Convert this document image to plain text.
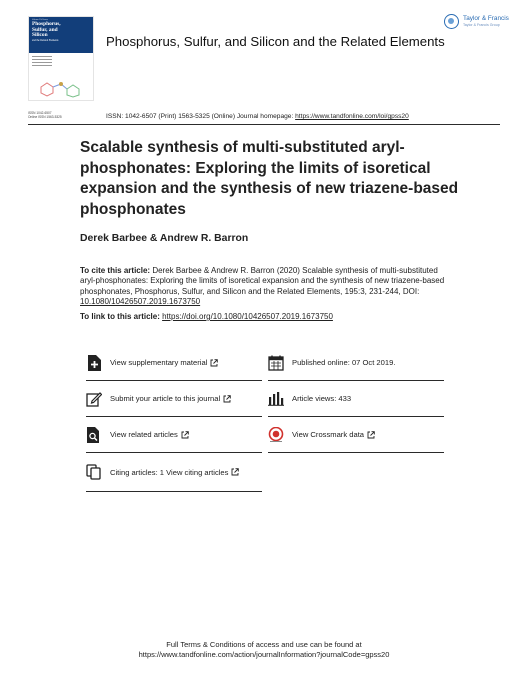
Volume 194 Issue
Phosphorus,
Sulfur, and
Silicon
and the Related Elements
ISSN 1042-6507
Online ISSN 1563-5325
Phosphorus, Sulfur, and Silicon and the Related Elements
Taylor & Francis
Taylor & Francis Group
ISSN: 1042-6507 (Print) 1563-5325 (Online) Journal homepage: https://www.tandfonline.com/loi/gpss20
Scalable synthesis of multi-substituted aryl-phosphonates: Exploring the limits of isoretical expansion and the synthesis of new triazene-based phosphonates
Derek Barbee & Andrew R. Barron
To cite this article: Derek Barbee & Andrew R. Barron (2020) Scalable synthesis of multi-substituted aryl-phosphonates: Exploring the limits of isoretical expansion and the synthesis of new triazene-based phosphonates, Phosphorus, Sulfur, and Silicon and the Related Elements, 195:3, 231-244, DOI: 10.1080/10426507.2019.1673750
To link to this article: https://doi.org/10.1080/10426507.2019.1673750
View supplementary material
Submit your article to this journal
View related articles
Citing articles: 1 View citing articles
Published online: 07 Oct 2019.
Article views: 433
View Crossmark data
Full Terms & Conditions of access and use can be found at
https://www.tandfonline.com/action/journalInformation?journalCode=gpss20
